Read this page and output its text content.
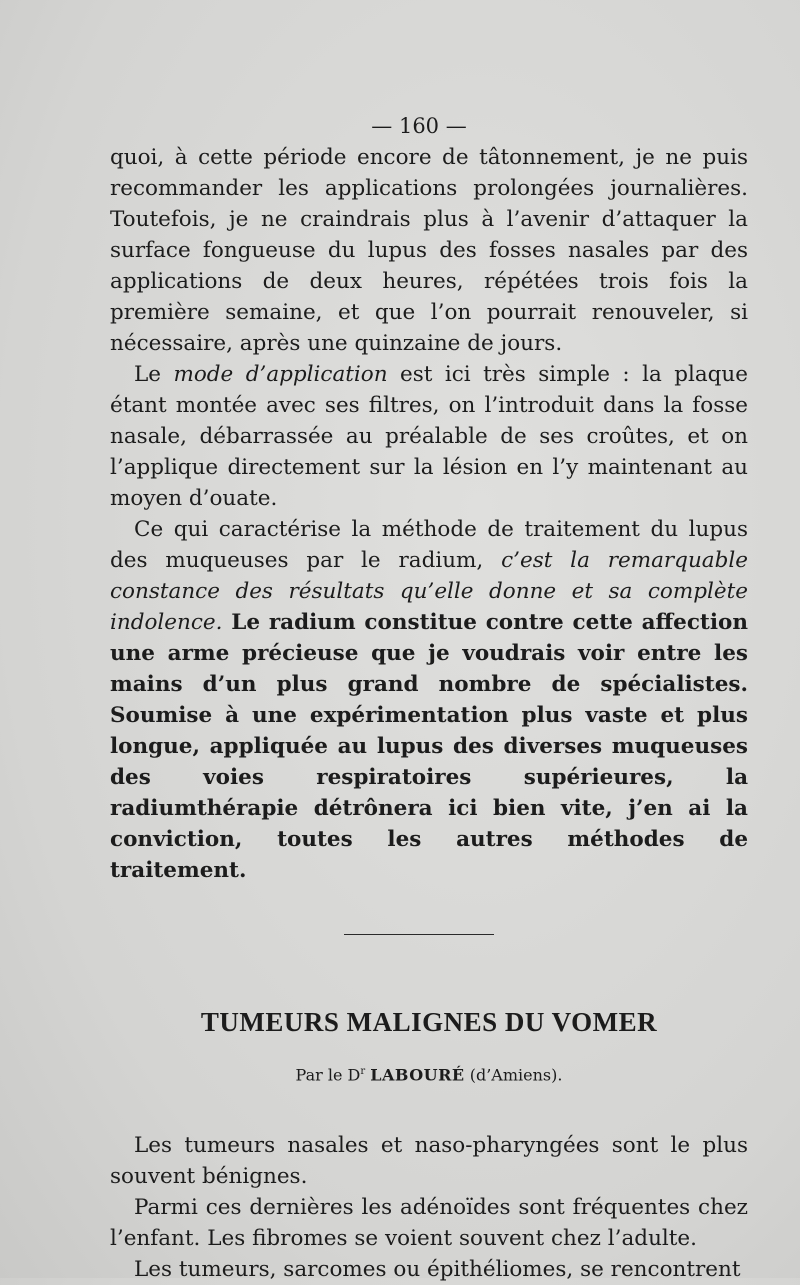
— 160 —

quoi, à cette période encore de tâtonnement, je ne puis recommander les applications prolongées journalières. Toutefois, je ne craindrais plus à l’avenir d’attaquer la surface fongueuse du lupus des fosses nasales par des applications de deux heures, répétées trois fois la première semaine, et que l’on pourrait renouveler, si nécessaire, après une quinzaine de jours.

Le mode d’application est ici très simple : la plaque étant montée avec ses filtres, on l’introduit dans la fosse nasale, débarrassée au préalable de ses croûtes, et on l’applique directement sur la lésion en l’y maintenant au moyen d’ouate.

Ce qui caractérise la méthode de traitement du lupus des muqueuses par le radium, c’est la remarquable constance des résultats qu’elle donne et sa complète indolence. Le radium constitue contre cette affection une arme précieuse que je voudrais voir entre les mains d’un plus grand nombre de spécialistes. Soumise à une expérimentation plus vaste et plus longue, appliquée au lupus des diverses muqueuses des voies respiratoires supérieures, la radiumthérapie détrônera ici bien vite, j’en ai la conviction, toutes les autres méthodes de traitement.

TUMEURS MALIGNES DU VOMER

Par le $D^r$ LABOURÉ (d’Amiens).

Les tumeurs nasales et naso-pharyngées sont le plus souvent bénignes.

Parmi ces dernières les adénoïdes sont fréquentes chez l’enfant. Les fibromes se voient souvent chez l’adulte.

Les tumeurs, sarcomes ou épithéliomes, se rencontrent
